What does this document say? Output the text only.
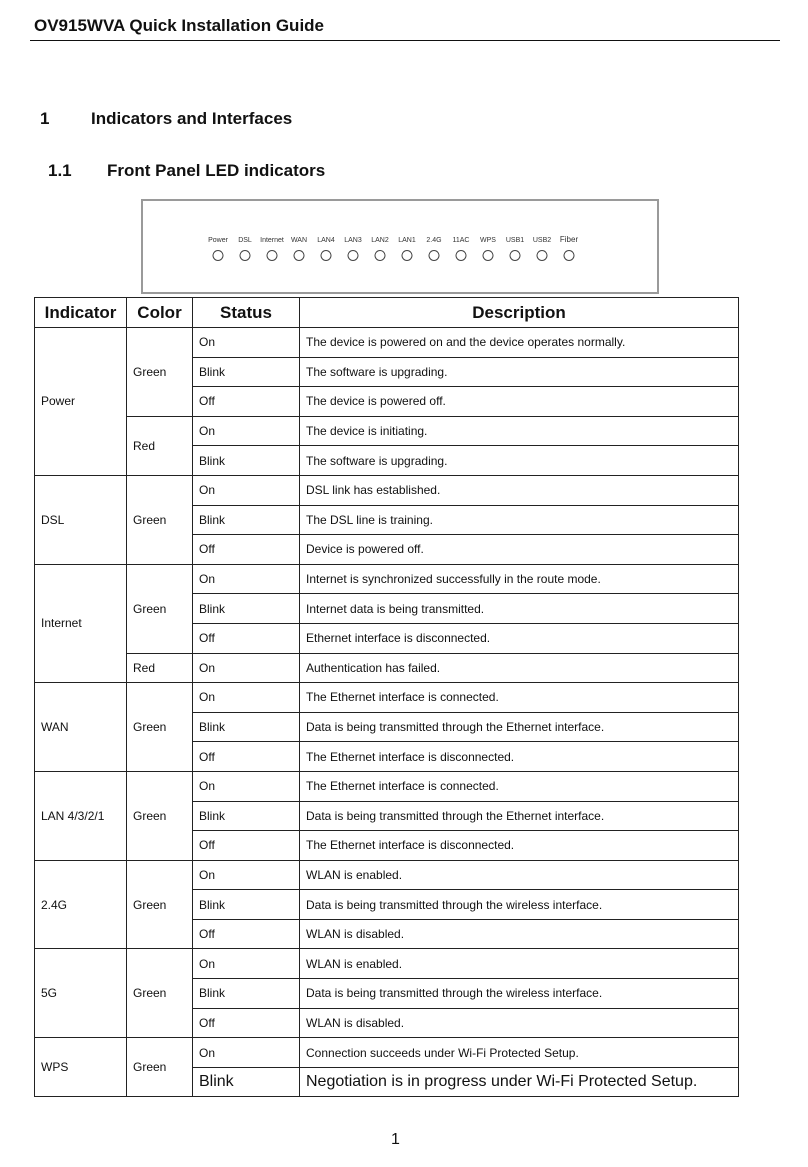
OV915WVA Quick Installation Guide
1	Indicators and Interfaces
1.1	Front Panel LED indicators
Power DSL Internet WAN LAN4 LAN3 LAN2 LAN1 2.4G 11AC WPS USB1 USB2 Fiber
Indicator	Color	Status	Description
Power	Green	On	The device is powered on and the device operates normally.
		Blink	The software is upgrading.
		Off	The device is powered off.
	Red	On	The device is initiating.
		Blink	The software is upgrading.
DSL	Green	On	DSL link has established.
		Blink	The DSL line is training.
		Off	Device is powered off.
Internet	Green	On	Internet is synchronized successfully in the route mode.
		Blink	Internet data is being transmitted.
		Off	Ethernet interface is disconnected.
	Red	On	Authentication has failed.
WAN	Green	On	The Ethernet interface is connected.
		Blink	Data is being transmitted through the Ethernet interface.
		Off	The Ethernet interface is disconnected.
LAN 4/3/2/1	Green	On	The Ethernet interface is connected.
		Blink	Data is being transmitted through the Ethernet interface.
		Off	The Ethernet interface is disconnected.
2.4G	Green	On	WLAN is enabled.
		Blink	Data is being transmitted through the wireless interface.
		Off	WLAN is disabled.
5G	Green	On	WLAN is enabled.
		Blink	Data is being transmitted through the wireless interface.
		Off	WLAN is disabled.
WPS	Green	On	Connection succeeds under Wi-Fi Protected Setup.
		Blink	Negotiation is in progress under Wi-Fi Protected Setup.
1
